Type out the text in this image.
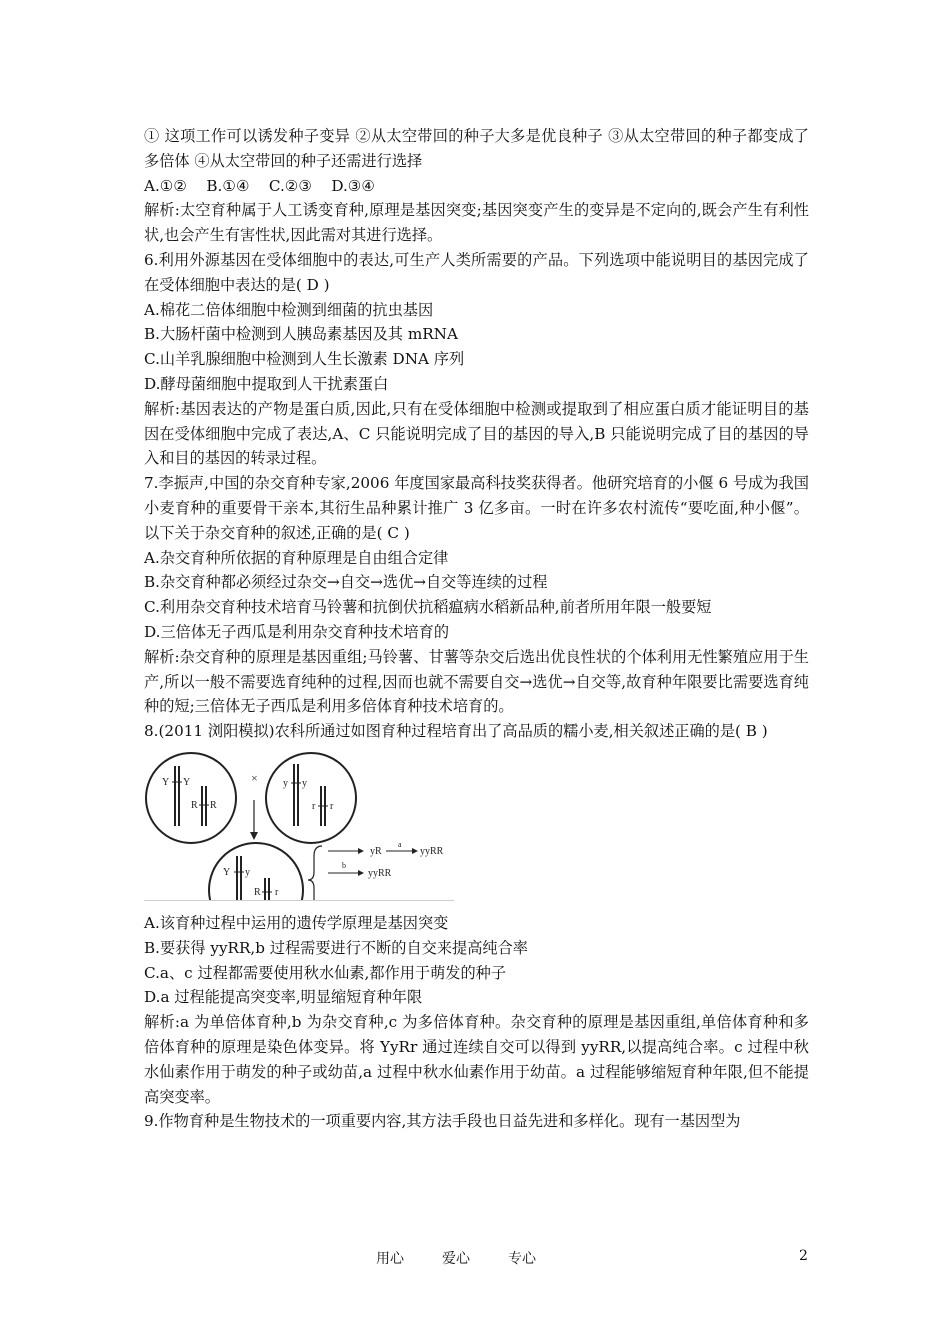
① 这项工作可以诱发种子变异 ②从太空带回的种子大多是优良种子 ③从太空带回的种子都变成了多倍体 ④从太空带回的种子还需进行选择

A.①②    B.①④    C.②③    D.③④

解析:太空育种属于人工诱变育种,原理是基因突变;基因突变产生的变异是不定向的,既会产生有利性状,也会产生有害性状,因此需对其进行选择。

6.利用外源基因在受体细胞中的表达,可生产人类所需要的产品。下列选项中能说明目的基因完成了在受体细胞中表达的是( D )

A.棉花二倍体细胞中检测到细菌的抗虫基因

B.大肠杆菌中检测到人胰岛素基因及其 mRNA

C.山羊乳腺细胞中检测到人生长激素 DNA 序列

D.酵母菌细胞中提取到人干扰素蛋白

解析:基因表达的产物是蛋白质,因此,只有在受体细胞中检测或提取到了相应蛋白质才能证明目的基因在受体细胞中完成了表达,A、C 只能说明完成了目的基因的导入,B 只能说明完成了目的基因的导入和目的基因的转录过程。

7.李振声,中国的杂交育种专家,2006 年度国家最高科技奖获得者。他研究培育的小偃 6 号成为我国小麦育种的重要骨干亲本,其衍生品种累计推广 3 亿多亩。一时在许多农村流传“要吃面,种小偃”。以下关于杂交育种的叙述,正确的是( C )

A.杂交育种所依据的育种原理是自由组合定律

B.杂交育种都必须经过杂交→自交→选优→自交等连续的过程

C.利用杂交育种技术培育马铃薯和抗倒伏抗稻瘟病水稻新品种,前者所用年限一般要短

D.三倍体无子西瓜是利用杂交育种技术培育的

解析:杂交育种的原理是基因重组;马铃薯、甘薯等杂交后选出优良性状的个体利用无性繁殖应用于生产,所以一般不需要选育纯种的过程,因而也就不需要自交→选优→自交等,故育种年限要比需要选育纯种的短;三倍体无子西瓜是利用多倍体育种技术培育的。

8.(2011 浏阳模拟)农科所通过如图育种过程培育出了高品质的糯小麦,相关叙述正确的是( B )

Y Y
R R
×	y y
r r
Y y
R r
yR
a
yyRR
b
yyRR

A.该育种过程中运用的遗传学原理是基因突变

B.要获得 yyRR,b 过程需要进行不断的自交来提高纯合率

C.a、c 过程都需要使用秋水仙素,都作用于萌发的种子

D.a 过程能提高突变率,明显缩短育种年限

解析:a 为单倍体育种,b 为杂交育种,c 为多倍体育种。杂交育种的原理是基因重组,单倍体育种和多倍体育种的原理是染色体变异。将 YyRr 通过连续自交可以得到 yyRR,以提高纯合率。c 过程中秋水仙素作用于萌发的种子或幼苗,a 过程中秋水仙素作用于幼苗。a 过程能够缩短育种年限,但不能提高突变率。

9.作物育种是生物技术的一项重要内容,其方法手段也日益先进和多样化。现有一基因型为

用心	爱心	专心	2
